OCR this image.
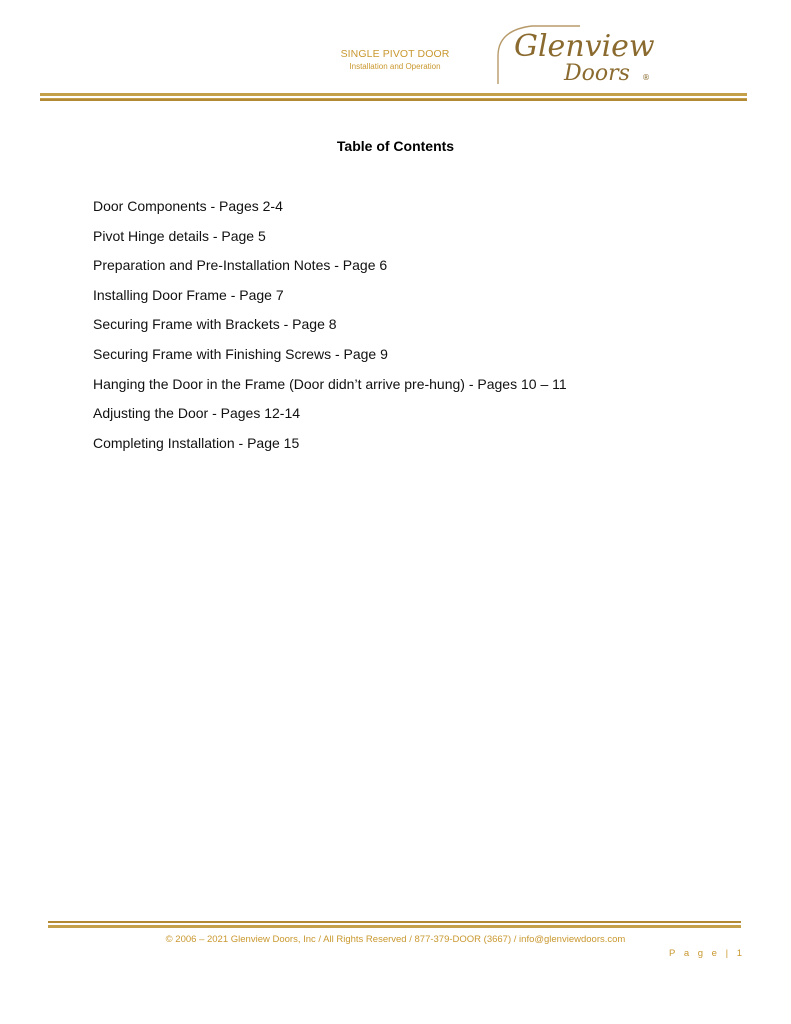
SINGLE PIVOT DOOR
Installation and Operation
Glenview
Doors ®
Table of Contents
Door Components - Pages 2-4
Pivot Hinge details - Page 5
Preparation and Pre-Installation Notes - Page 6
Installing Door Frame - Page 7
Securing Frame with Brackets - Page 8
Securing Frame with Finishing Screws - Page 9
Hanging the Door in the Frame (Door didn’t arrive pre-hung) - Pages 10 – 11
Adjusting the Door - Pages 12-14
Completing Installation - Page 15
© 2006 – 2021 Glenview Doors, Inc / All Rights Reserved / 877-379-DOOR (3667) / info@glenviewdoors.com
P a g e | 1
